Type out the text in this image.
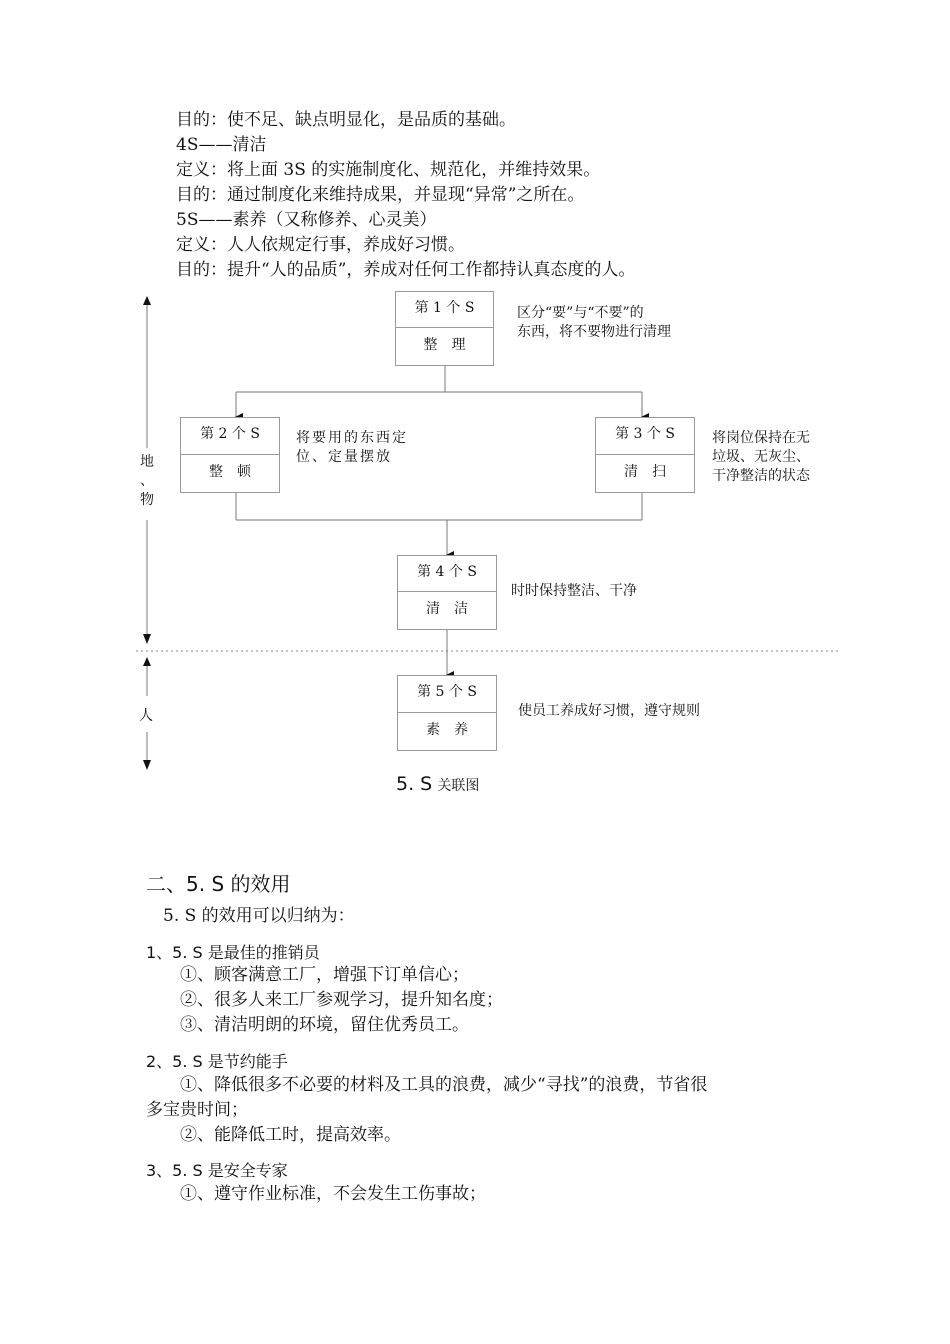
目的：使不足、缺点明显化，是品质的基础。
4S——清洁
定义：将上面 3S 的实施制度化、规范化，并维持效果。
目的：通过制度化来维持成果，并显现“异常”之所在。
5S——素养（又称修养、心灵美）
定义：人人依规定行事，养成好习惯。
目的：提升“人的品质”，养成对任何工作都持认真态度的人。
地
、
物
人
第 1 个 S
整　理
区分“要”与“不要”的
东西，将不要物进行清理
第 2 个 S
整　顿
将要用的东西定
位、定量摆放
第 3 个 S
清　扫
将岗位保持在无
垃圾、无灰尘、
干净整洁的状态
第 4 个 S
清　洁
时时保持整洁、干净
第 5 个 S
素　养
使员工养成好习惯，遵守规则
5. S 关联图
二、5. S 的效用
5. S 的效用可以归纳为：
1、5. S 是最佳的推销员
①、顾客满意工厂，增强下订单信心；
②、很多人来工厂参观学习，提升知名度；
③、清洁明朗的环境，留住优秀员工。
2、5. S 是节约能手
①、降低很多不必要的材料及工具的浪费，减少“寻找”的浪费，节省很
多宝贵时间；
②、能降低工时，提高效率。
3、5. S 是安全专家
①、遵守作业标准，不会发生工伤事故；
